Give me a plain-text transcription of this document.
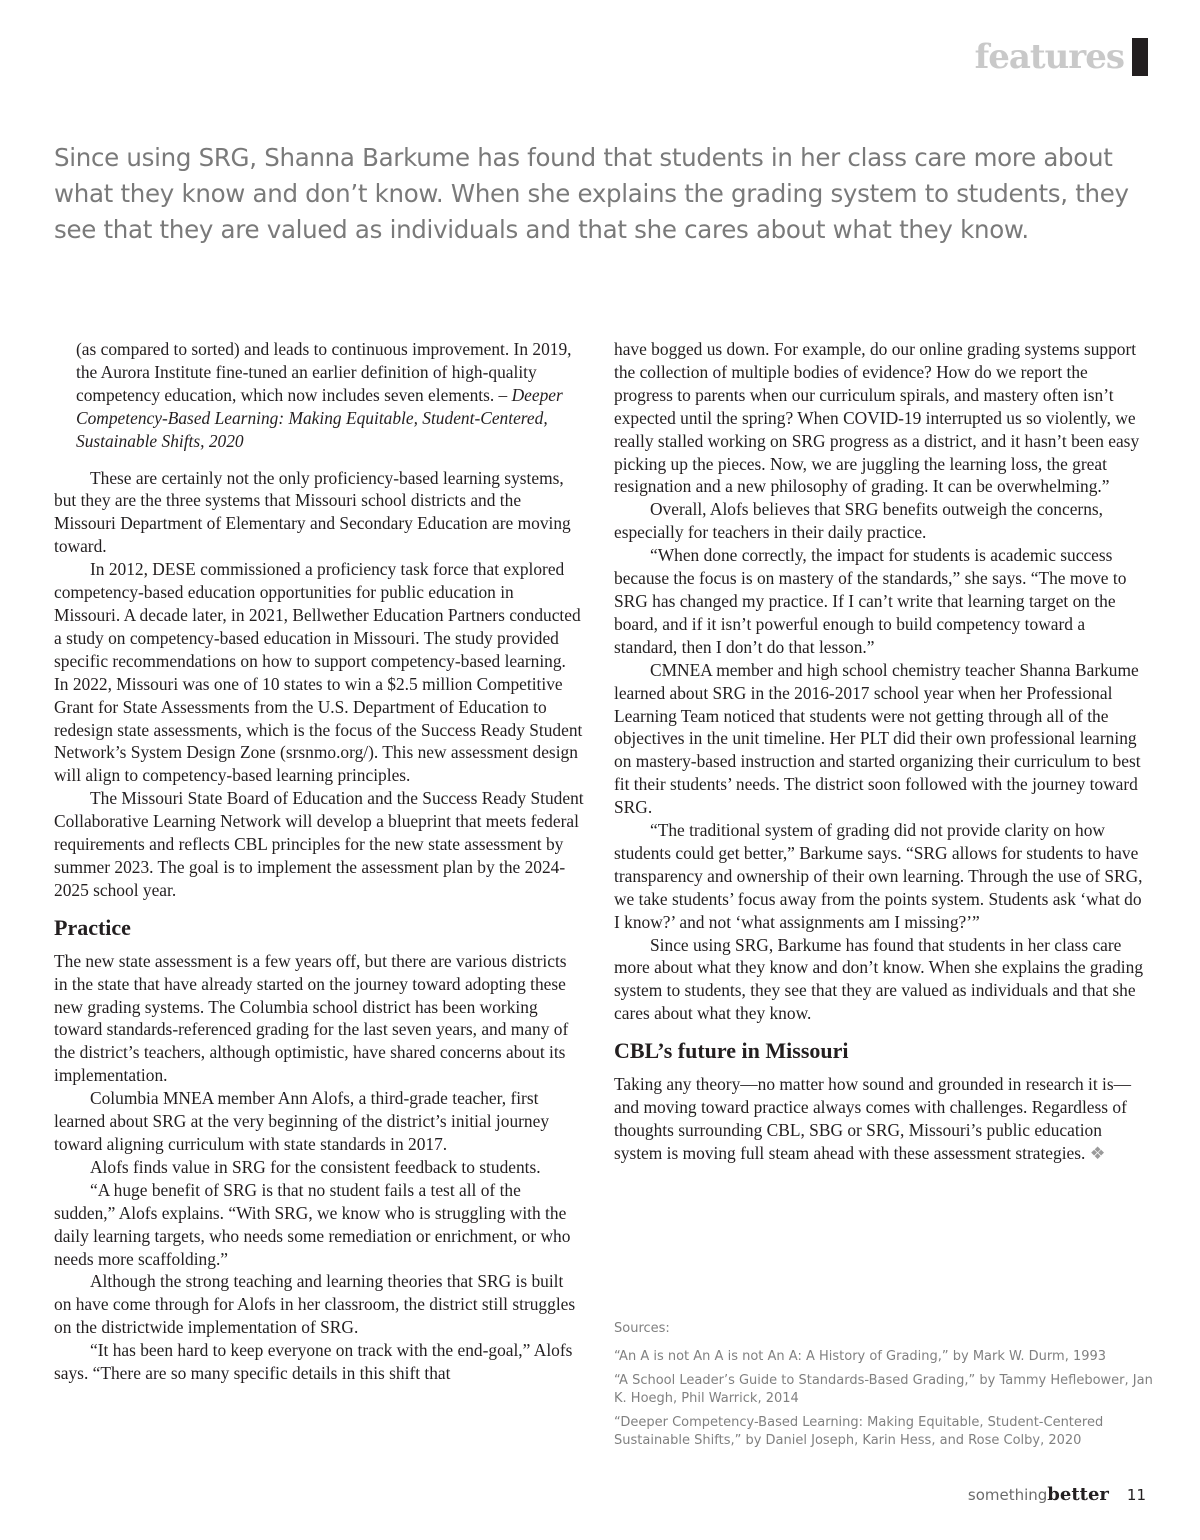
features

Since using SRG, Shanna Barkume has found that students in her class care more about what they know and don’t know. When she explains the grading system to students, they see that they are valued as individuals and that she cares about what they know.

(as compared to sorted) and leads to continuous improvement. In 2019, the Aurora Institute fine-tuned an earlier definition of high-quality competency education, which now includes seven elements. – Deeper Competency-Based Learning: Making Equitable, Student-Centered, Sustainable Shifts, 2020

These are certainly not the only proficiency-based learning systems, but they are the three systems that Missouri school districts and the Missouri Department of Elementary and Secondary Education are moving toward.

In 2012, DESE commissioned a proficiency task force that explored competency-based education opportunities for public education in Missouri. A decade later, in 2021, Bellwether Education Partners conducted a study on competency-based education in Missouri. The study provided specific recommendations on how to support competency-based learning. In 2022, Missouri was one of 10 states to win a $2.5 million Competitive Grant for State Assessments from the U.S. Department of Education to redesign state assessments, which is the focus of the Success Ready Student Network’s System Design Zone (srsnmo.org/). This new assessment design will align to competency-based learning principles.

The Missouri State Board of Education and the Success Ready Student Collaborative Learning Network will develop a blueprint that meets federal requirements and reflects CBL principles for the new state assessment by summer 2023. The goal is to implement the assessment plan by the 2024-2025 school year.

Practice

The new state assessment is a few years off, but there are various districts in the state that have already started on the journey toward adopting these new grading systems. The Columbia school district has been working toward standards-referenced grading for the last seven years, and many of the district’s teachers, although optimistic, have shared concerns about its implementation.

Columbia MNEA member Ann Alofs, a third-grade teacher, first learned about SRG at the very beginning of the district’s initial journey toward aligning curriculum with state standards in 2017.

Alofs finds value in SRG for the consistent feedback to students.

“A huge benefit of SRG is that no student fails a test all of the sudden,” Alofs explains. “With SRG, we know who is struggling with the daily learning targets, who needs some remediation or enrichment, or who needs more scaffolding.”

Although the strong teaching and learning theories that SRG is built on have come through for Alofs in her classroom, the district still struggles on the districtwide implementation of SRG.

“It has been hard to keep everyone on track with the end-goal,” Alofs says. “There are so many specific details in this shift that

have bogged us down. For example, do our online grading systems support the collection of multiple bodies of evidence? How do we report the progress to parents when our curriculum spirals, and mastery often isn’t expected until the spring? When COVID-19 interrupted us so violently, we really stalled working on SRG progress as a district, and it hasn’t been easy picking up the pieces. Now, we are juggling the learning loss, the great resignation and a new philosophy of grading. It can be overwhelming.”

Overall, Alofs believes that SRG benefits outweigh the concerns, especially for teachers in their daily practice.

“When done correctly, the impact for students is academic success because the focus is on mastery of the standards,” she says. “The move to SRG has changed my practice. If I can’t write that learning target on the board, and if it isn’t powerful enough to build competency toward a standard, then I don’t do that lesson.”

CMNEA member and high school chemistry teacher Shanna Barkume learned about SRG in the 2016-2017 school year when her Professional Learning Team noticed that students were not getting through all of the objectives in the unit timeline. Her PLT did their own professional learning on mastery-based instruction and started organizing their curriculum to best fit their students’ needs. The district soon followed with the journey toward SRG.

“The traditional system of grading did not provide clarity on how students could get better,” Barkume says. “SRG allows for students to have transparency and ownership of their own learning. Through the use of SRG, we take students’ focus away from the points system. Students ask ‘what do I know?’ and not ‘what assignments am I missing?’”

Since using SRG, Barkume has found that students in her class care more about what they know and don’t know. When she explains the grading system to students, they see that they are valued as individuals and that she cares about what they know.

CBL’s future in Missouri

Taking any theory—no matter how sound and grounded in research it is—and moving toward practice always comes with challenges. Regardless of thoughts surrounding CBL, SBG or SRG, Missouri’s public education system is moving full steam ahead with these assessment strategies. ❖

Sources:

“An A is not An A is not An A: A History of Grading,” by Mark W. Durm, 1993

“A School Leader’s Guide to Standards-Based Grading,” by Tammy Heflebower, Jan K. Hoegh, Phil Warrick, 2014

“Deeper Competency-Based Learning: Making Equitable, Student-Centered Sustainable Shifts,” by Daniel Joseph, Karin Hess, and Rose Colby, 2020

something better 11
